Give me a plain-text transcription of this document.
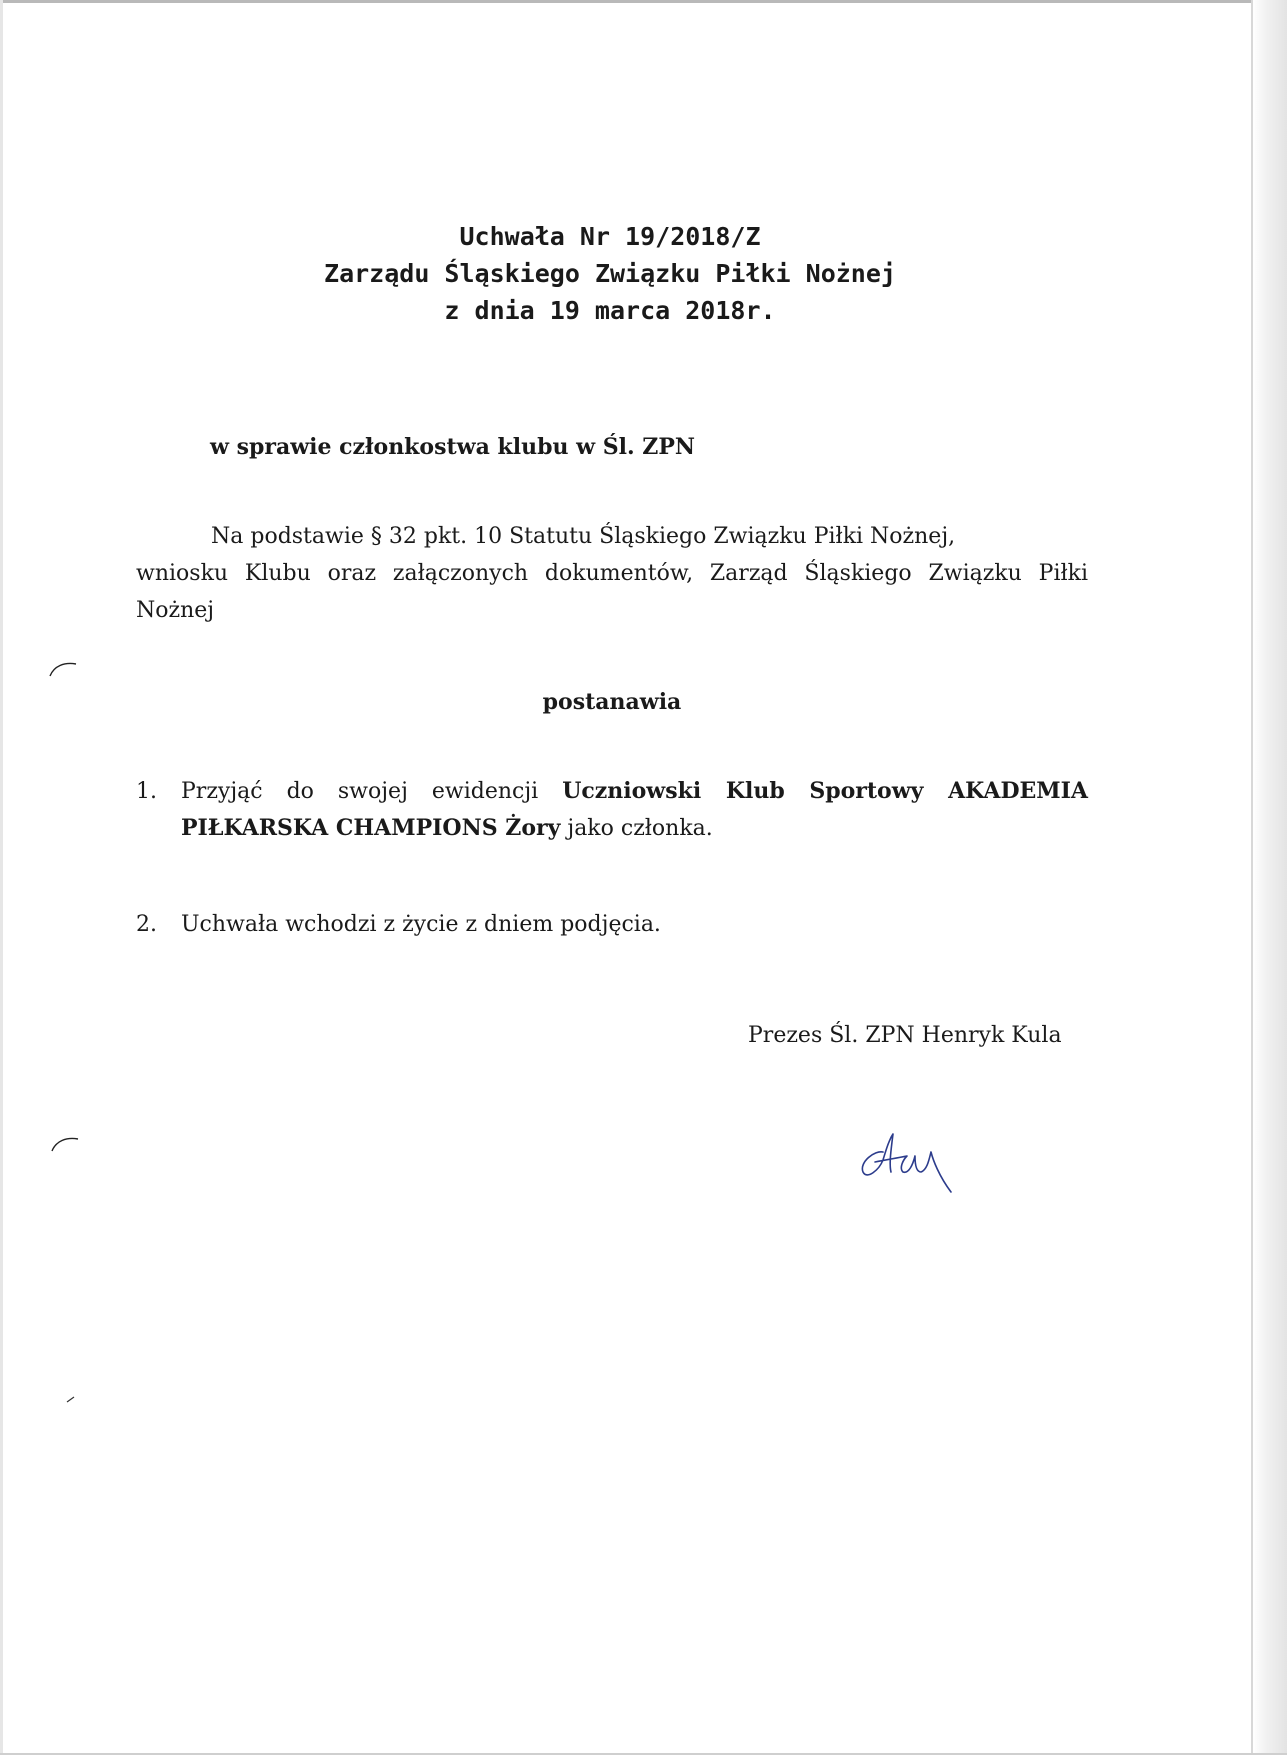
Uchwała Nr 19/2018/Z
Zarządu Śląskiego Związku Piłki Nożnej
z dnia 19 marca 2018r.
w sprawie członkostwa klubu w Śl. ZPN
Na podstawie § 32 pkt. 10 Statutu Śląskiego Związku Piłki Nożnej,
wniosku Klubu oraz załączonych dokumentów, Zarząd Śląskiego Związku Piłki Nożnej
postanawia
1.	Przyjąć do swojej ewidencji Uczniowski Klub Sportowy AKADEMIA PIŁKARSKA CHAMPIONS Żory jako członka.
2.	Uchwała wchodzi z życie z dniem podjęcia.
Prezes Śl. ZPN Henryk Kula
